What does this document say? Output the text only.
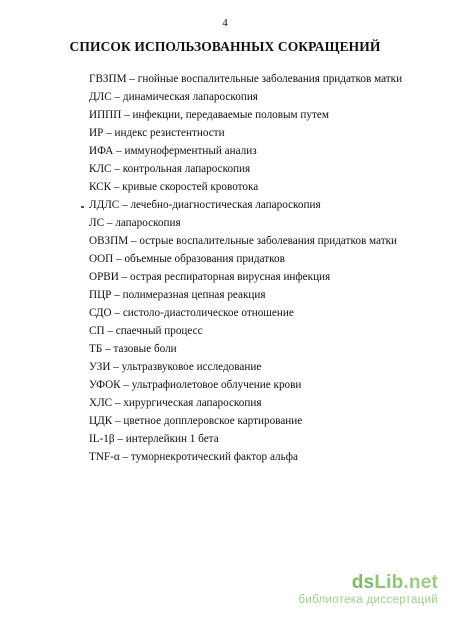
4
СПИСОК ИСПОЛЬЗОВАННЫХ СОКРАЩЕНИЙ
ГВЗПМ – гнойные воспалительные заболевания придатков матки
ДЛС – динамическая лапароскопия
ИППП – инфекции, передаваемые половым путем
ИР – индекс резистентности
ИФА – иммуноферментный анализ
КЛС – контрольная лапароскопия
КСК – кривые скоростей кровотока
ЛДЛС – лечебно-диагностическая лапароскопия
ЛС – лапароскопия
ОВЗПМ – острые воспалительные заболевания придатков матки
ООП – объемные образования придатков
ОРВИ – острая респираторная вирусная инфекция
ПЦР – полимеразная цепная реакция
СДО – систоло-диастолическое отношение
СП – спаечный процесс
ТБ – тазовые боли
УЗИ – ультразвуковое исследование
УФОК – ультрафиолетовое облучение крови
ХЛС – хирургическая лапароскопия
ЦДК – цветное допплеровское картирование
IL-1β – интерлейкин 1 бета
TNF-α – туморнекротический фактор альфа
dsLib.net
библиотека диссертаций
